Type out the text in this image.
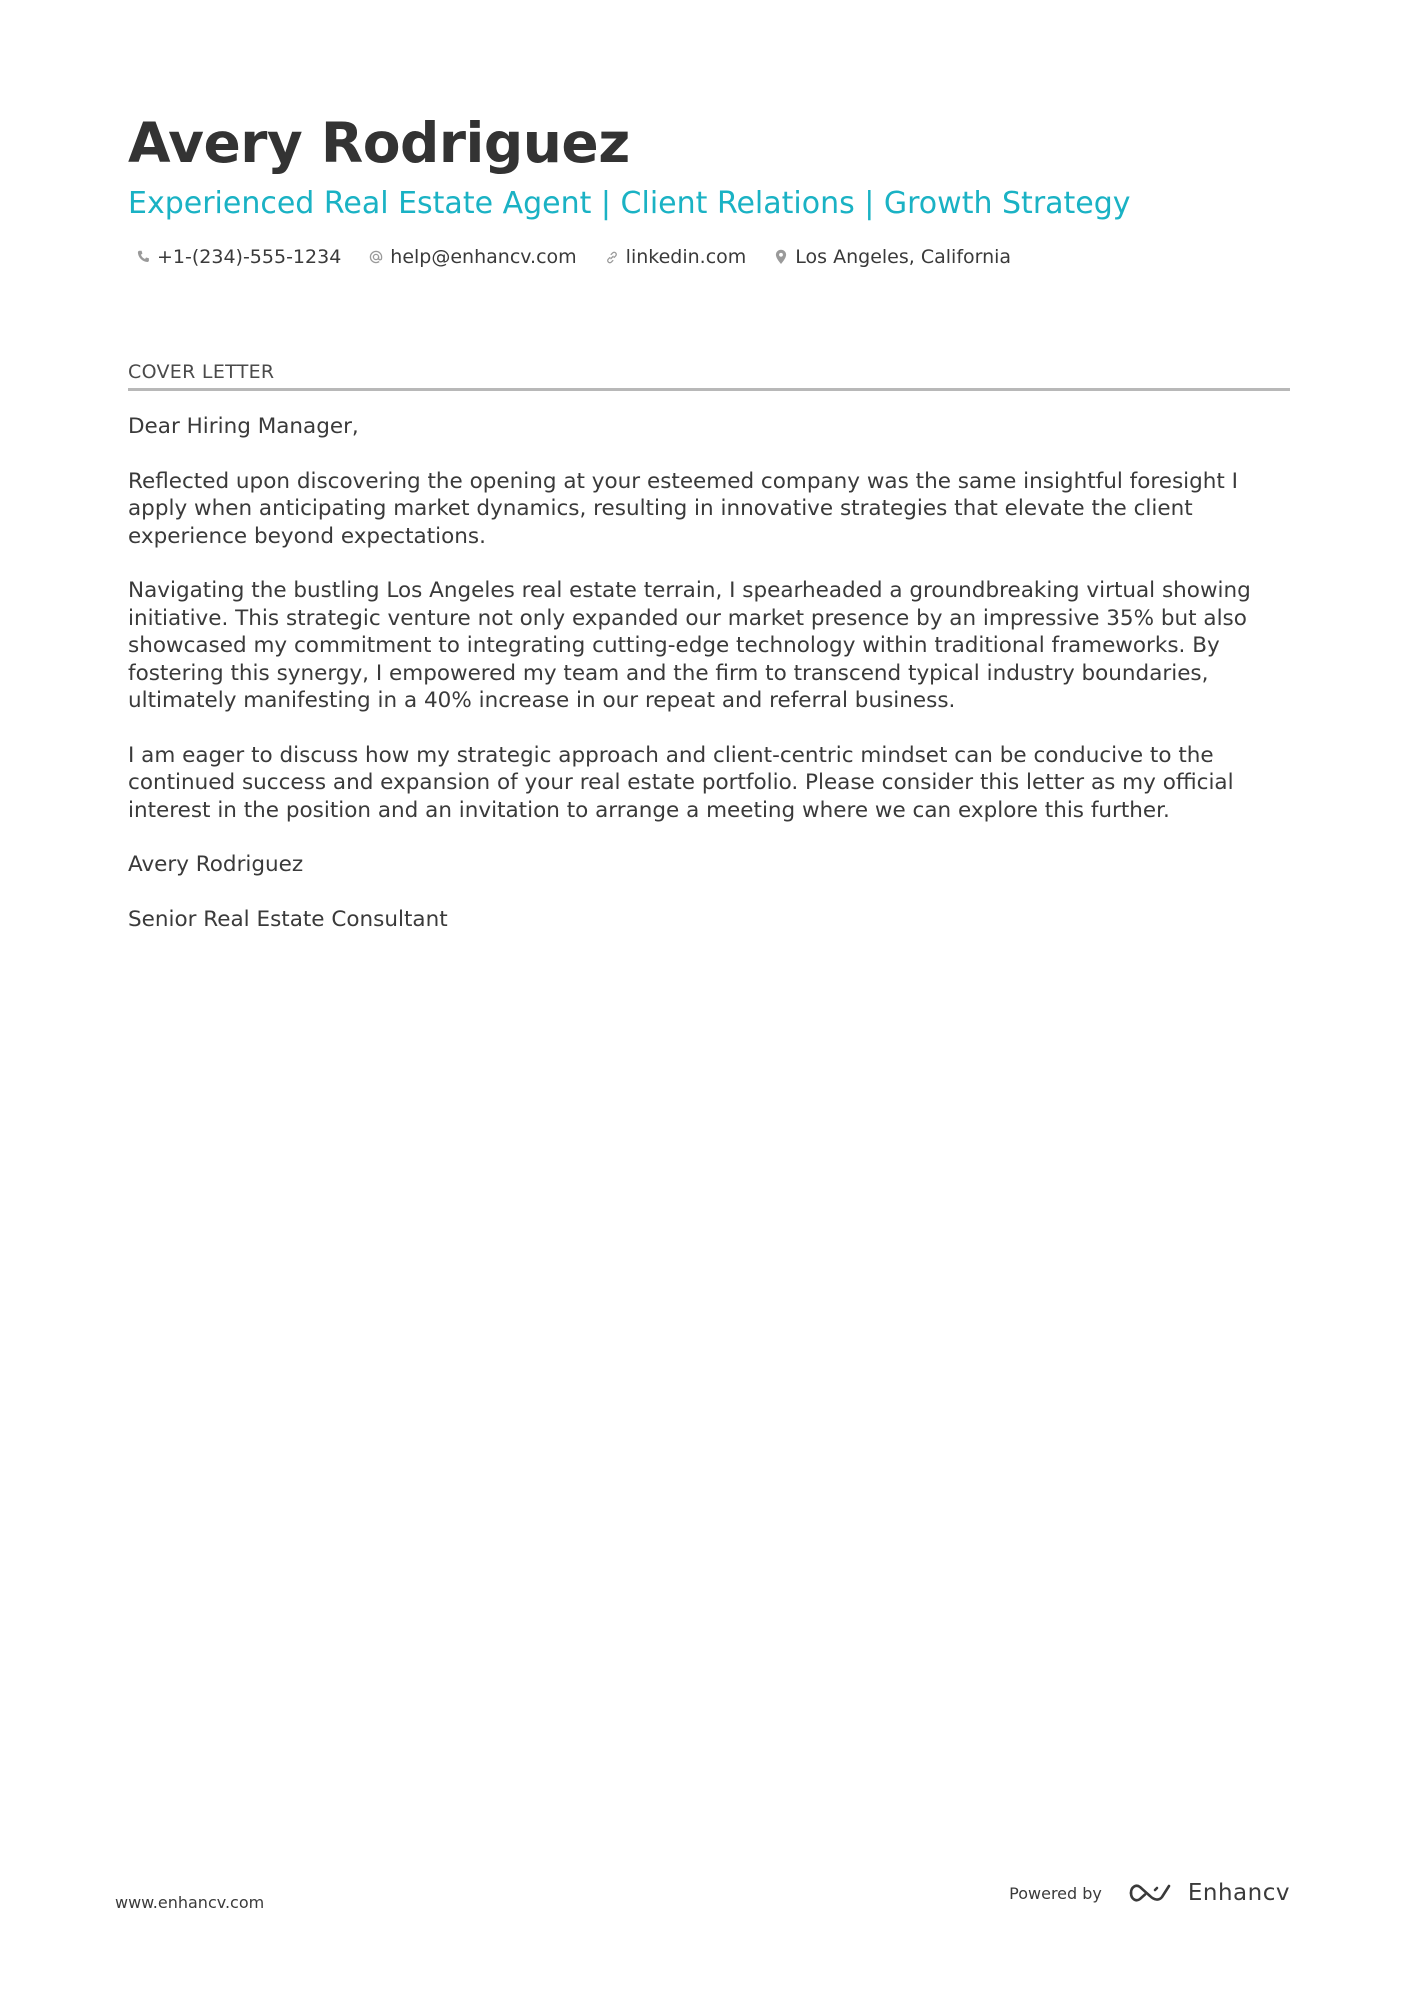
Avery Rodriguez
Experienced Real Estate Agent | Client Relations | Growth Strategy
+1-(234)-555-1234	help@enhancv.com	linkedin.com	Los Angeles, California
COVER LETTER

Dear Hiring Manager,

Reflected upon discovering the opening at your esteemed company was the same insightful foresight I apply when anticipating market dynamics, resulting in innovative strategies that elevate the client experience beyond expectations.

Navigating the bustling Los Angeles real estate terrain, I spearheaded a groundbreaking virtual showing initiative. This strategic venture not only expanded our market presence by an impressive 35% but also showcased my commitment to integrating cutting-edge technology within traditional frameworks. By fostering this synergy, I empowered my team and the firm to transcend typical industry boundaries, ultimately manifesting in a 40% increase in our repeat and referral business.

I am eager to discuss how my strategic approach and client-centric mindset can be conducive to the continued success and expansion of your real estate portfolio. Please consider this letter as my official interest in the position and an invitation to arrange a meeting where we can explore this further.

Avery Rodriguez

Senior Real Estate Consultant

www.enhancv.com	Powered by	Enhancv
